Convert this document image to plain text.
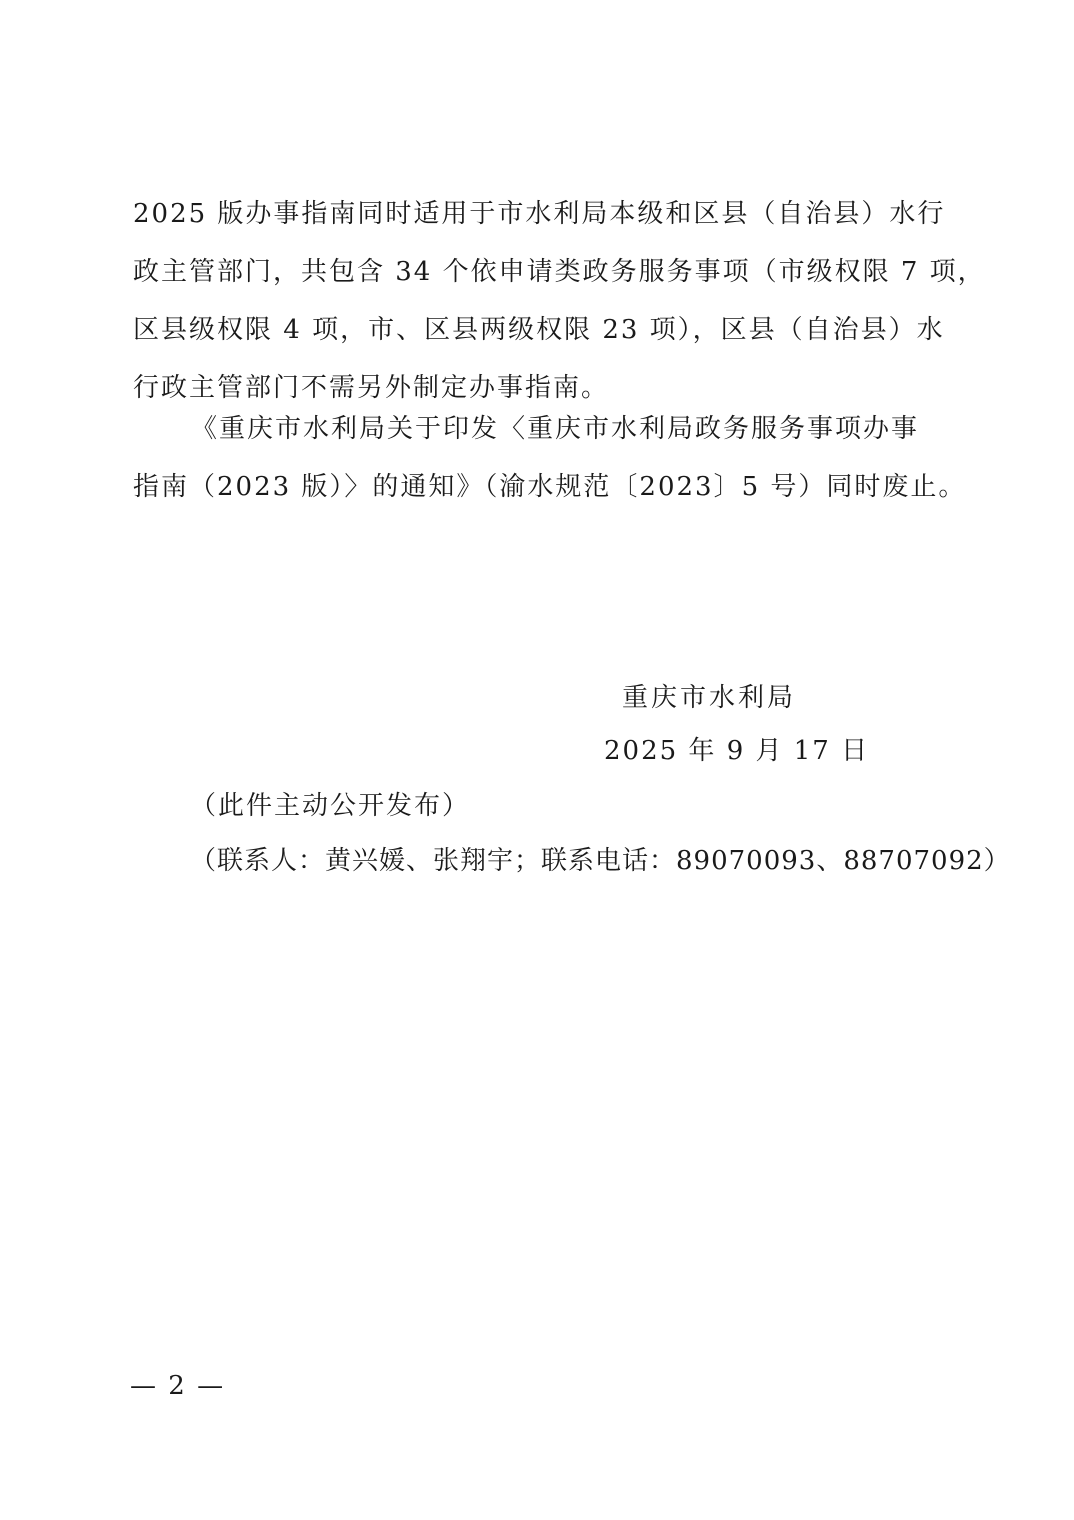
2025 版办事指南同时适用于市水利局本级和区县（自治县）水行
政主管部门，共包含 34 个依申请类政务服务事项（市级权限 7 项，
区县级权限 4 项，市、区县两级权限 23 项），区县（自治县）水
行政主管部门不需另外制定办事指南。
《重庆市水利局关于印发〈重庆市水利局政务服务事项办事
指南（2023 版）〉的通知》（渝水规范〔2023〕5 号）同时废止。
重庆市水利局
2025 年 9 月 17 日
（此件主动公开发布）
（联系人：黄兴媛、张翔宇；联系电话：89070093、88707092）
— 2 —
